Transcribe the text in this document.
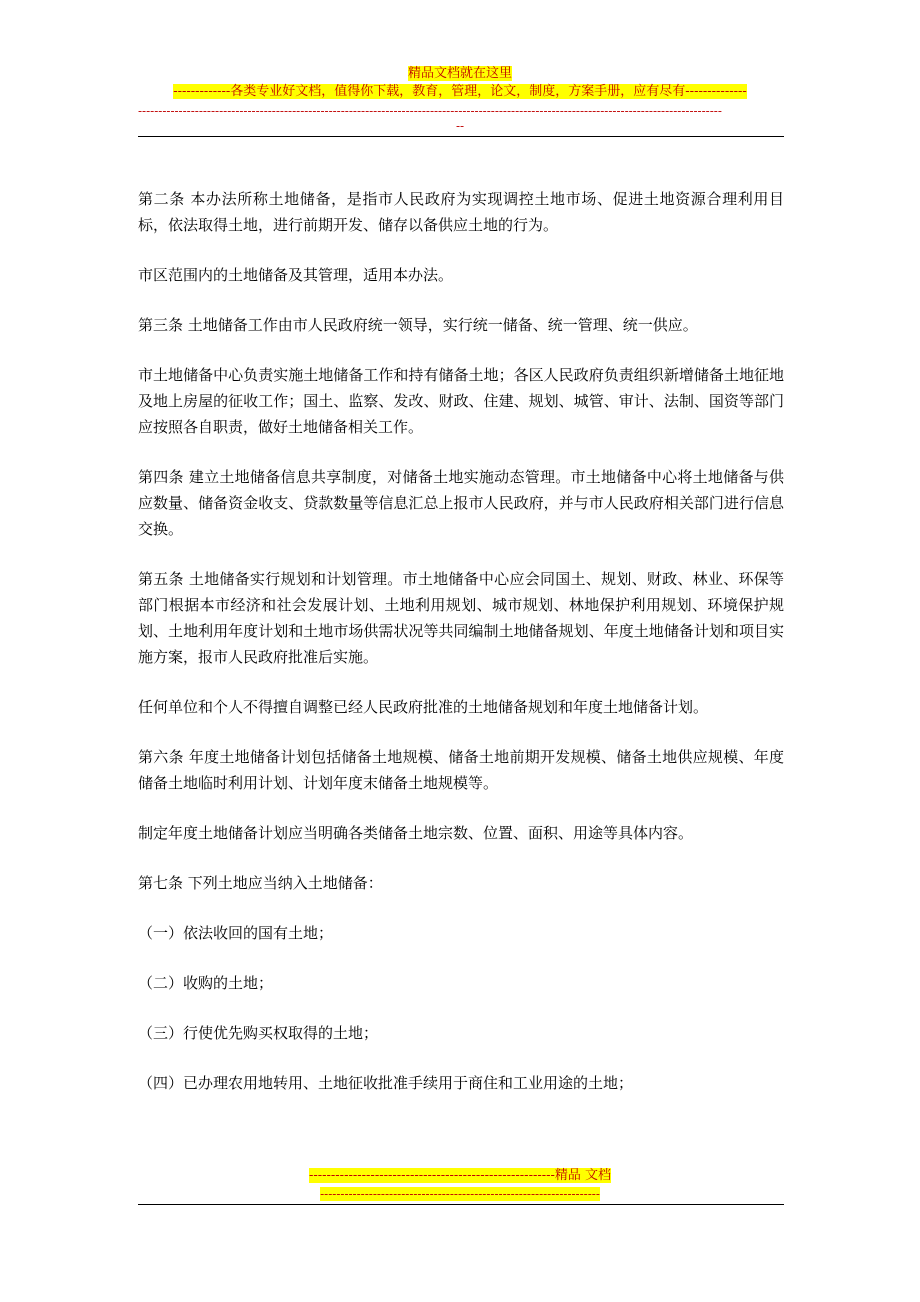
精品文档就在这里
-------------各类专业好文档，值得你下载，教育，管理，论文，制度，方案手册，应有尽有--------------
------------------------------------------------------------------------------------------------------------------------------------------------
--

第二条 本办法所称土地储备，是指市人民政府为实现调控土地市场、促进土地资源合理利用目标，依法取得土地，进行前期开发、储存以备供应土地的行为。

市区范围内的土地储备及其管理，适用本办法。

第三条 土地储备工作由市人民政府统一领导，实行统一储备、统一管理、统一供应。

市土地储备中心负责实施土地储备工作和持有储备土地；各区人民政府负责组织新增储备土地征地及地上房屋的征收工作；国土、监察、发改、财政、住建、规划、城管、审计、法制、国资等部门应按照各自职责，做好土地储备相关工作。

第四条 建立土地储备信息共享制度，对储备土地实施动态管理。市土地储备中心将土地储备与供应数量、储备资金收支、贷款数量等信息汇总上报市人民政府，并与市人民政府相关部门进行信息交换。

第五条 土地储备实行规划和计划管理。市土地储备中心应会同国土、规划、财政、林业、环保等部门根据本市经济和社会发展计划、土地利用规划、城市规划、林地保护利用规划、环境保护规划、土地利用年度计划和土地市场供需状况等共同编制土地储备规划、年度土地储备计划和项目实施方案，报市人民政府批准后实施。

任何单位和个人不得擅自调整已经人民政府批准的土地储备规划和年度土地储备计划。

第六条 年度土地储备计划包括储备土地规模、储备土地前期开发规模、储备土地供应规模、年度储备土地临时利用计划、计划年度末储备土地规模等。

制定年度土地储备计划应当明确各类储备土地宗数、位置、面积、用途等具体内容。

第七条 下列土地应当纳入土地储备：

（一）依法收回的国有土地；

（二）收购的土地；

（三）行使优先购买权取得的土地；

（四）已办理农用地转用、土地征收批准手续用于商住和工业用途的土地；

--------------------------------------------------------精品 文档
---------------------------------------------------------------------
